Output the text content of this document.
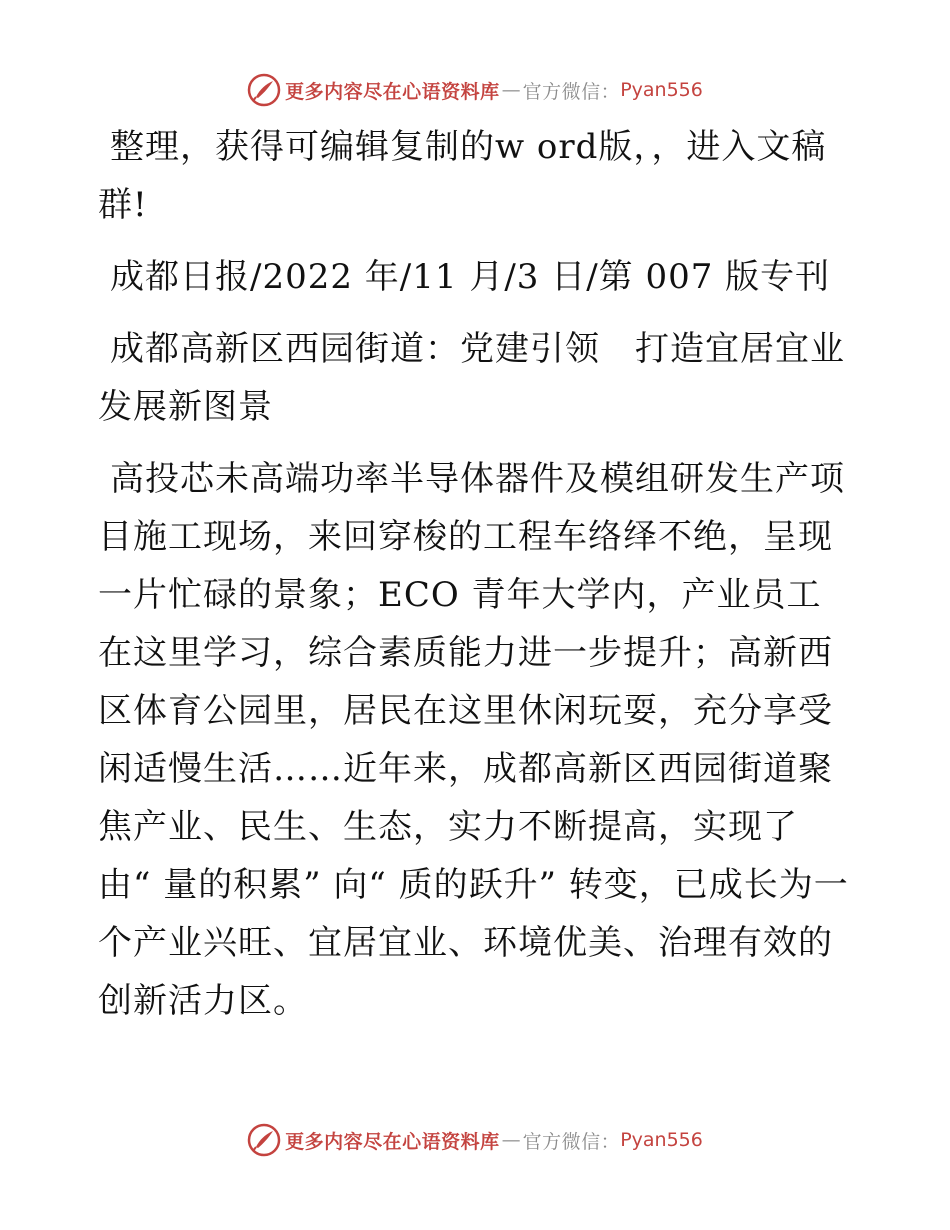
更多内容尽在心语资料库 — 官方微信： Pyan556

整理，获得可编辑复制的w ord版，，进入文稿群!

成都日报/2022 年/11 月/3 日/第 007 版专刊

成都高新区西园街道：党建引领　打造宜居宜业发展新图景

高投芯未高端功率半导体器件及模组研发生产项目施工现场，来回穿梭的工程车络绎不绝，呈现一片忙碌的景象；ECO 青年大学内，产业员工在这里学习，综合素质能力进一步提升；高新西区体育公园里，居民在这里休闲玩耍，充分享受闲适慢生活……近年来，成都高新区西园街道聚焦产业、民生、生态，实力不断提高，实现了由“ 量的积累” 向“ 质的跃升” 转变，已成长为一个产业兴旺、宜居宜业、环境优美、治理有效的创新活力区。

更多内容尽在心语资料库 — 官方微信： Pyan556
